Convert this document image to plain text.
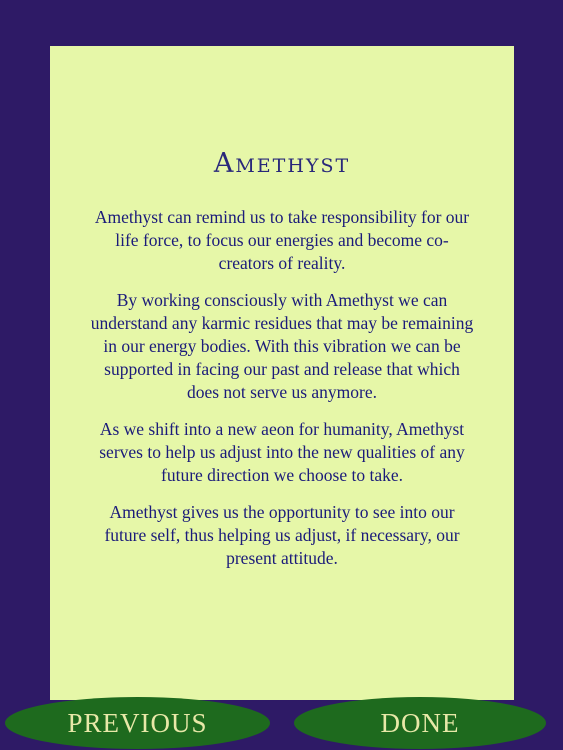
Amethyst

Amethyst can remind us to take responsibility for our life force, to focus our energies and become co-creators of reality.

By working consciously with Amethyst we can understand any karmic residues that may be remaining in our energy bodies. With this vibration we can be supported in facing our past and release that which does not serve us anymore.

As we shift into a new aeon for humanity, Amethyst serves to help us adjust into the new qualities of any future direction we choose to take.

Amethyst gives us the opportunity to see into our future self, thus helping us adjust, if necessary, our present attitude.

PREVIOUS	DONE
